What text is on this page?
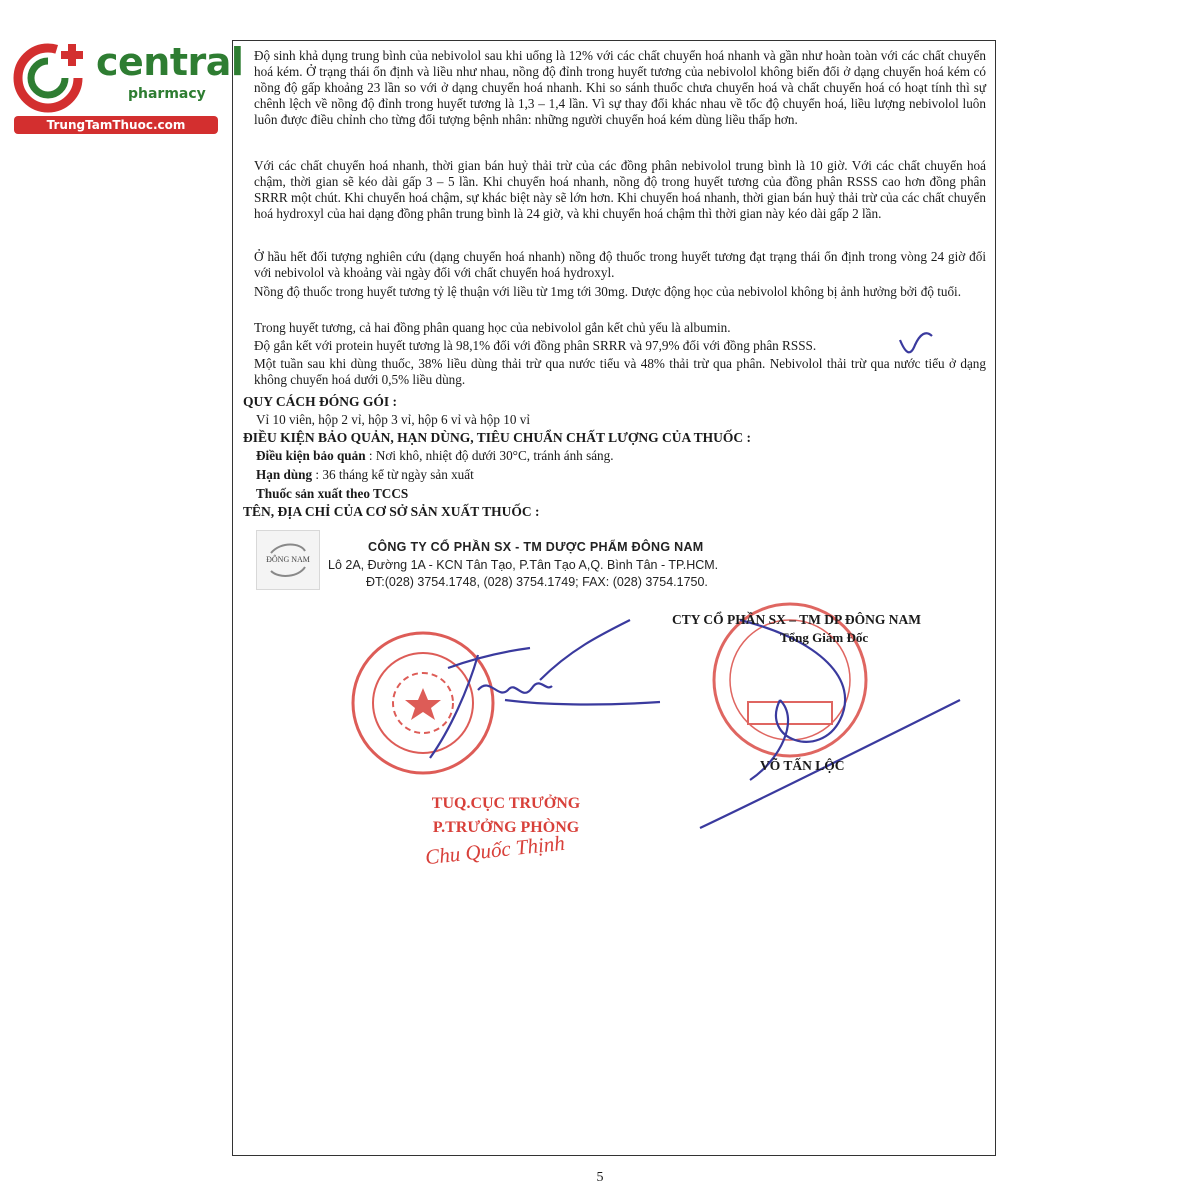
central
pharmacy
TrungTamThuoc.com

Độ sinh khả dụng trung bình của nebivolol sau khi uống là 12% với các chất chuyển hoá nhanh và gần như hoàn toàn với các chất chuyển hoá kém. Ở trạng thái ổn định và liều như nhau, nồng độ đỉnh trong huyết tương của nebivolol không biến đổi ở dạng chuyển hoá kém có nồng độ gấp khoảng 23 lần so với ở dạng chuyển hoá nhanh. Khi so sánh thuốc chưa chuyển hoá và chất chuyển hoá có hoạt tính thì sự chênh lệch về nồng độ đỉnh trong huyết tương là 1,3 – 1,4 lần. Vì sự thay đổi khác nhau về tốc độ chuyển hoá, liều lượng nebivolol luôn luôn được điều chỉnh cho từng đối tượng bệnh nhân: những người chuyển hoá kém dùng liều thấp hơn.

Với các chất chuyển hoá nhanh, thời gian bán huỷ thải trừ của các đồng phân nebivolol trung bình là 10 giờ. Với các chất chuyển hoá chậm, thời gian sẽ kéo dài gấp 3 – 5 lần. Khi chuyển hoá nhanh, nồng độ trong huyết tương của đồng phân RSSS cao hơn đồng phân SRRR một chút. Khi chuyển hoá chậm, sự khác biệt này sẽ lớn hơn. Khi chuyển hoá nhanh, thời gian bán huỷ thải trừ của các chất chuyển hoá hydroxyl của hai dạng đồng phân trung bình là 24 giờ, và khi chuyển hoá chậm thì thời gian này kéo dài gấp 2 lần.

Ở hầu hết đối tượng nghiên cứu (dạng chuyển hoá nhanh) nồng độ thuốc trong huyết tương đạt trạng thái ổn định trong vòng 24 giờ đối với nebivolol và khoảng vài ngày đối với chất chuyển hoá hydroxyl.

Nồng độ thuốc trong huyết tương tỷ lệ thuận với liều từ 1mg tới 30mg. Dược động học của nebivolol không bị ảnh hưởng bởi độ tuổi.

Trong huyết tương, cả hai đồng phân quang học của nebivolol gắn kết chủ yếu là albumin.

Độ gắn kết với protein huyết tương là 98,1% đối với đồng phân SRRR và 97,9% đối với đồng phân RSSS.

Một tuần sau khi dùng thuốc, 38% liều dùng thải trừ qua nước tiểu và 48% thải trừ qua phân. Nebivolol thải trừ qua nước tiểu ở dạng không chuyển hoá dưới 0,5% liều dùng.

QUY CÁCH ĐÓNG GÓI :

Vỉ 10 viên, hộp 2 vỉ, hộp 3 vỉ, hộp 6 vỉ và hộp 10 vỉ

ĐIỀU KIỆN BẢO QUẢN, HẠN DÙNG, TIÊU CHUẨN CHẤT LƯỢNG CỦA THUỐC :

Điều kiện bảo quản : Nơi khô, nhiệt độ dưới 30°C, tránh ánh sáng.

Hạn dùng : 36 tháng kể từ ngày sản xuất

Thuốc sản xuất theo TCCS

TÊN, ĐỊA CHỈ CỦA CƠ SỞ SẢN XUẤT THUỐC :

ĐÔNG NAM

CÔNG TY CỔ PHẦN SX - TM DƯỢC PHẨM ĐÔNG NAM

Lô 2A, Đường 1A - KCN Tân Tạo, P.Tân Tạo A,Q. Bình Tân - TP.HCM.

ĐT:(028) 3754.1748, (028) 3754.1749; FAX: (028) 3754.1750.

CTY CỔ PHẦN SX – TM DP ĐÔNG NAM

Tổng Giám Đốc

VÕ TẤN LỘC

TUQ.CỤC TRƯỞNG
P.TRƯỞNG PHÒNG

Chu Quốc Thịnh

5
